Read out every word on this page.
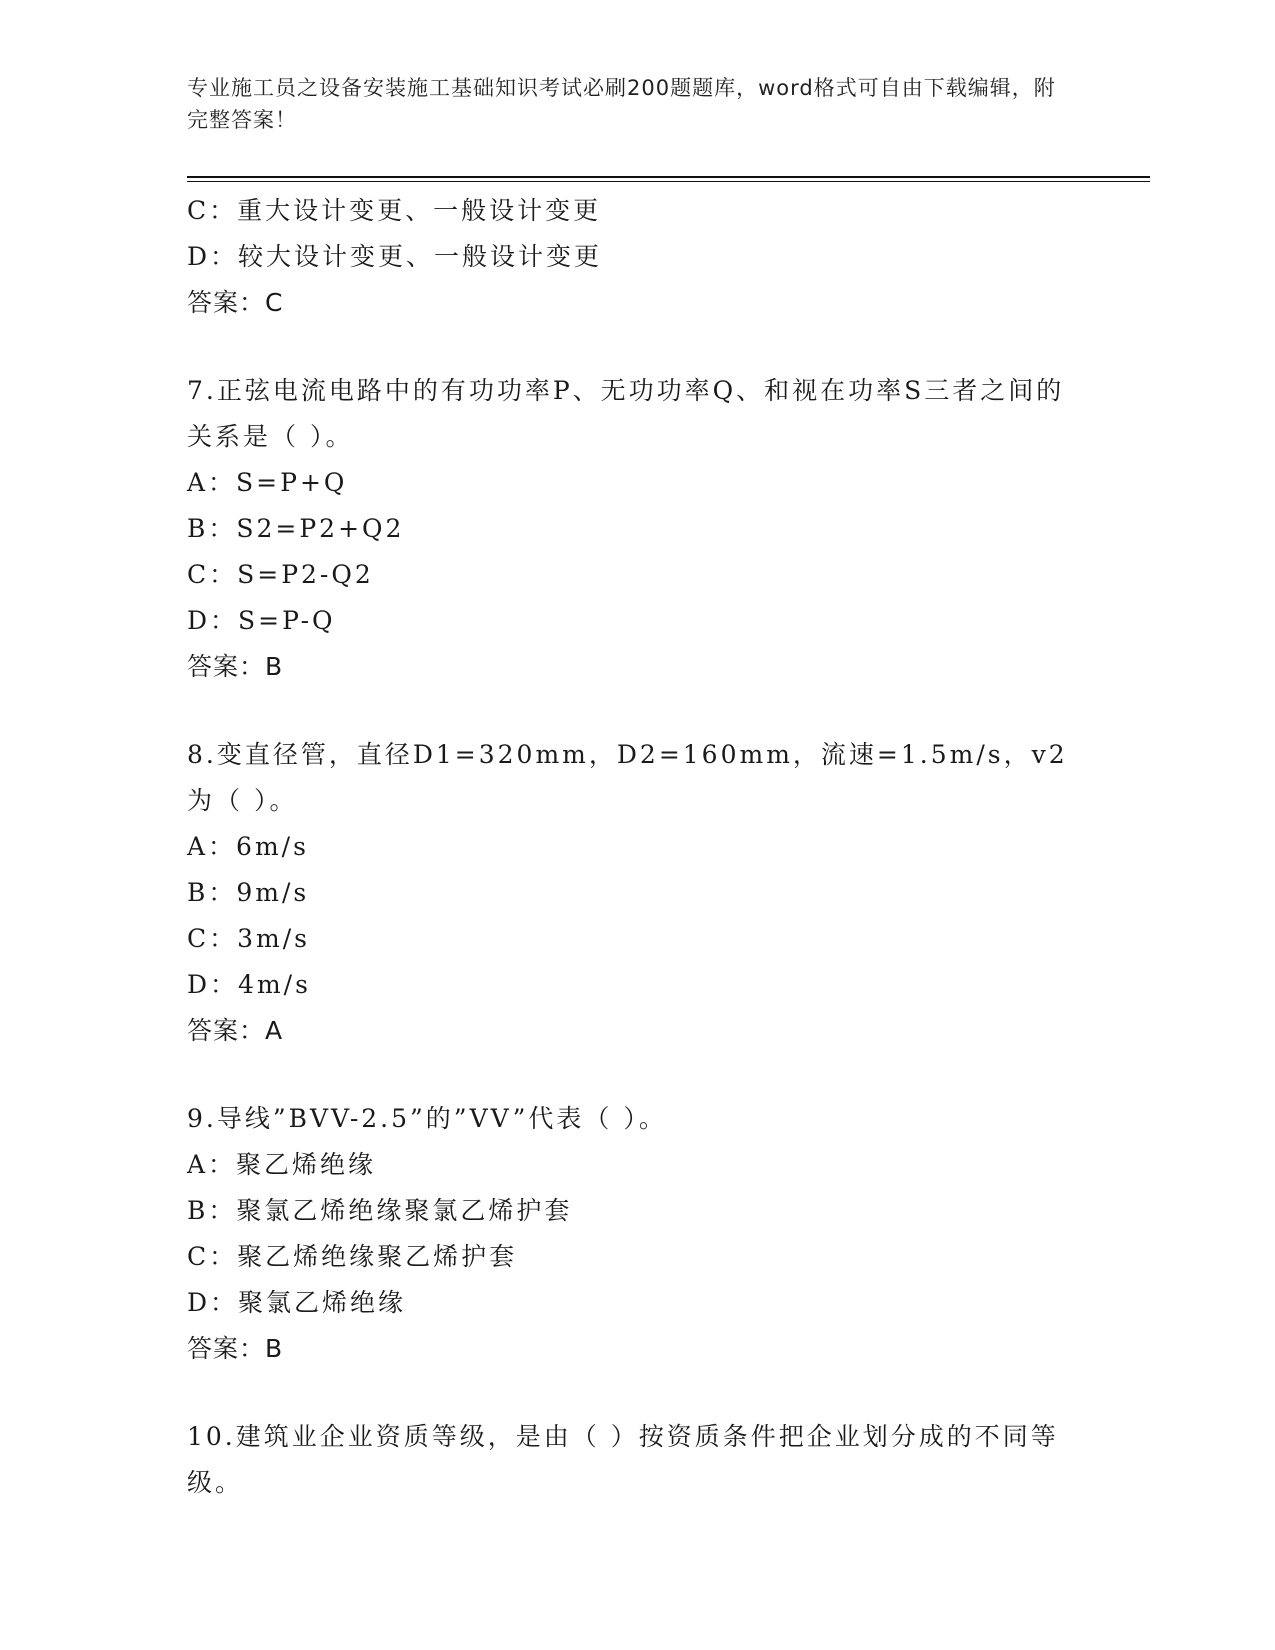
专业施工员之设备安装施工基础知识考试必刷200题题库，word格式可自由下载编辑，附完整答案！
C：重大设计变更、一般设计变更
D：较大设计变更、一般设计变更
答案：C
7.正弦电流电路中的有功功率P、无功功率Q、和视在功率S三者之间的关系是（ ）。
A：S=P+Q
B：S2=P2+Q2
C：S=P2-Q2
D：S=P-Q
答案：B
8.变直径管，直径D1=320mm，D2=160mm，流速=1.5m/s，v2为（ ）。
A：6m/s
B：9m/s
C：3m/s
D：4m/s
答案：A
9.导线”BVV-2.5”的”VV”代表（ ）。
A：聚乙烯绝缘
B：聚氯乙烯绝缘聚氯乙烯护套
C：聚乙烯绝缘聚乙烯护套
D：聚氯乙烯绝缘
答案：B
10.建筑业企业资质等级，是由（ ）按资质条件把企业划分成的不同等级。
